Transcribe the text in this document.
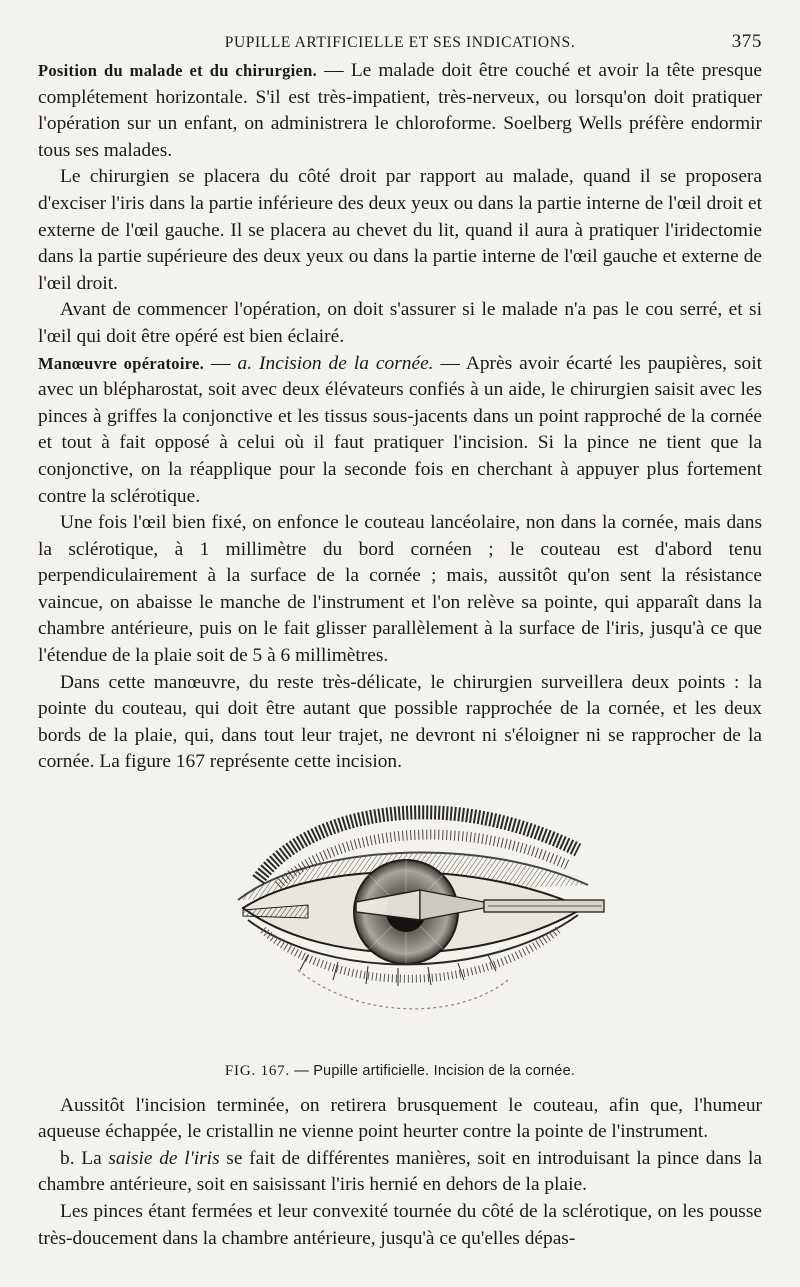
PUPILLE ARTIFICIELLE ET SES INDICATIONS.	375

Position du malade et du chirurgien. — Le malade doit être couché et avoir la tête presque complétement horizontale. S'il est très-impatient, très-nerveux, ou lorsqu'on doit pratiquer l'opération sur un enfant, on administrera le chloroforme. Soelberg Wells préfère endormir tous ses malades.

Le chirurgien se placera du côté droit par rapport au malade, quand il se proposera d'exciser l'iris dans la partie inférieure des deux yeux ou dans la partie interne de l'œil droit et externe de l'œil gauche. Il se placera au chevet du lit, quand il aura à pratiquer l'iridectomie dans la partie supérieure des deux yeux ou dans la partie interne de l'œil gauche et externe de l'œil droit.

Avant de commencer l'opération, on doit s'assurer si le malade n'a pas le cou serré, et si l'œil qui doit être opéré est bien éclairé.

Manœuvre opératoire. — a. Incision de la cornée. — Après avoir écarté les paupières, soit avec un blépharostat, soit avec deux élévateurs confiés à un aide, le chirurgien saisit avec les pinces à griffes la conjonctive et les tissus sous-jacents dans un point rapproché de la cornée et tout à fait opposé à celui où il faut pratiquer l'incision. Si la pince ne tient que la conjonctive, on la réapplique pour la seconde fois en cherchant à appuyer plus fortement contre la sclérotique.

Une fois l'œil bien fixé, on enfonce le couteau lancéolaire, non dans la cornée, mais dans la sclérotique, à 1 millimètre du bord cornéen ; le couteau est d'abord tenu perpendiculairement à la surface de la cornée ; mais, aussitôt qu'on sent la résistance vaincue, on abaisse le manche de l'instrument et l'on relève sa pointe, qui apparaît dans la chambre antérieure, puis on le fait glisser parallèlement à la surface de l'iris, jusqu'à ce que l'étendue de la plaie soit de 5 à 6 millimètres.

Dans cette manœuvre, du reste très-délicate, le chirurgien surveillera deux points : la pointe du couteau, qui doit être autant que possible rapprochée de la cornée, et les deux bords de la plaie, qui, dans tout leur trajet, ne devront ni s'éloigner ni se rapprocher de la cornée. La figure 167 représente cette incision.

FIG. 167. — Pupille artificielle. Incision de la cornée.

Aussitôt l'incision terminée, on retirera brusquement le couteau, afin que, l'humeur aqueuse échappée, le cristallin ne vienne point heurter contre la pointe de l'instrument.

b. La saisie de l'iris se fait de différentes manières, soit en introduisant la pince dans la chambre antérieure, soit en saisissant l'iris hernié en dehors de la plaie.

Les pinces étant fermées et leur convexité tournée du côté de la sclérotique, on les pousse très-doucement dans la chambre antérieure, jusqu'à ce qu'elles dépas-
